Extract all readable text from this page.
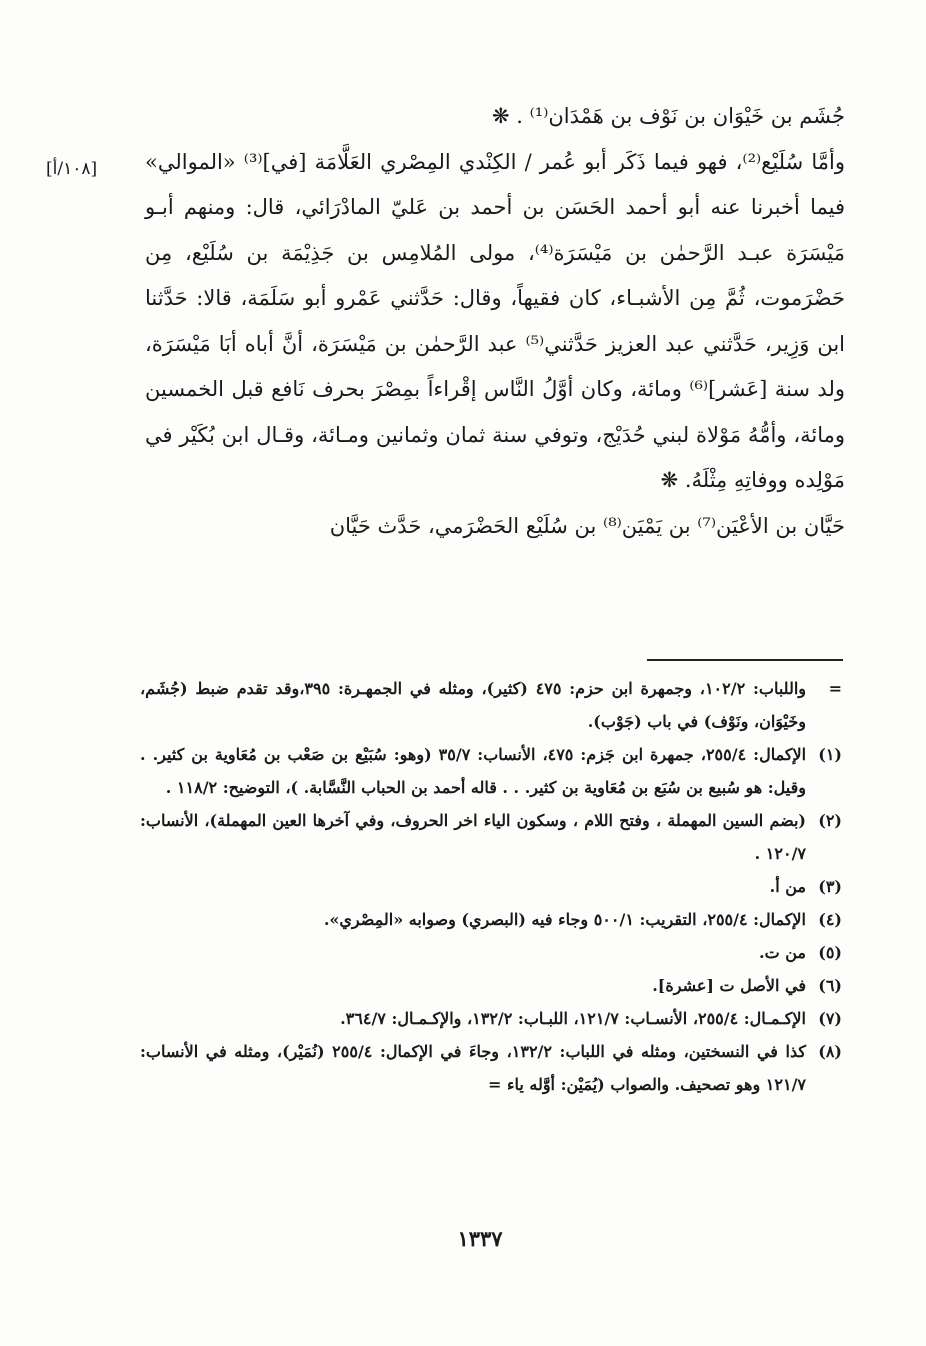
[١٠٨/أ]

جُشَم بن خَيْوَان بن نَوْف بن هَمْدَان⁽¹⁾ . ❋

وأمَّا سُلَيْع⁽²⁾، فهو فيما ذَكَر أبو عُمر / الكِنْدي المِصْري العَلَّامَة [في]⁽³⁾ «الموالي» فيما أخبرنا عنه أبو أحمد الحَسَن بن أحمد بن عَليّ المادْرَائي، قال: ومنهم أبـو مَيْسَرَة عبـد الرَّحمٰن بن مَيْسَرَة⁽⁴⁾، مولى المُلامِس بن جَذِيْمَة بن سُلَيْع، مِن حَضْرَموت، ثُمَّ مِن الأشبـاء، كان فقيهاً، وقال: حَدَّثني عَمْرو أبو سَلَمَة، قالا: حَدَّثنا ابن وَزِير، حَدَّثني عبد العزيز حَدَّثني⁽⁵⁾ عبد الرَّحمٰن بن مَيْسَرَة، أنَّ أباه أبَا مَيْسَرَة، ولد سنة [عَشر]⁽⁶⁾ ومائة، وكان أوَّلُ النَّاس إقْراءاً بمِصْرَ بحرف نَافع قبل الخمسين ومائة، وأمُّهُ مَوْلاة لبني حُدَيْج، وتوفي سنة ثمان وثمانين ومـائة، وقـال ابن بُكَيْر في مَوْلِده ووفاتِهِ مِثْلَهُ. ❋

حَيَّان بن الأعْيَن⁽⁷⁾ بن يَمْيَن⁽⁸⁾ بن سُلَيْع الحَضْرَمي، حَدَّث حَيَّان

=
واللباب: ١٠٢/٢، وجمهرة ابن حزم: ٤٧٥ (كثير)، ومثله في الجمهـرة: ٣٩٥،وقد تقدم ضبط (جُشَم، وخَيْوَان، ونَوْف) في باب (جَوْب).
(١)
الإكمال: ٢٥٥/٤، جمهرة ابن جَزم: ٤٧٥، الأنساب: ٣٥/٧ (وهو: سُبَيْع بن صَعْب بن مُعَاوية بن كثير. . وقيل: هو سُبيع بن سُبَع بن مُعَاوية بن كثير. . . قاله أحمد بن الحباب النَّسَّابة. )، التوضيح: ١١٨/٢ .
(٢)
(بضم السين المهملة ، وفتح اللام ، وسكون الياء اخر الحروف، وفي آخرها العين المهملة)، الأنساب: ١٢٠/٧ .
(٣)
من أ.
(٤)
الإكمال: ٢٥٥/٤، التقريب: ٥٠٠/١ وجاء فيه (البصري) وصوابه «المِصْري».
(٥)
من ت.
(٦)
في الأصل ت [عشرة].
(٧)
الإكـمـال: ٢٥٥/٤، الأنسـاب: ١٢١/٧، اللبـاب: ١٣٢/٢، والإكـمـال: ٣٦٤/٧.
(٨)
كذا في النسختين، ومثله في اللباب: ١٣٢/٢، وجاءَ في الإكمال: ٢٥٥/٤ (نُمَيْر)، ومثله في الأنساب: ١٢١/٧ وهو تصحيف. والصواب (يُمَيْن: أوَّله ياء =
١٣٣٧
